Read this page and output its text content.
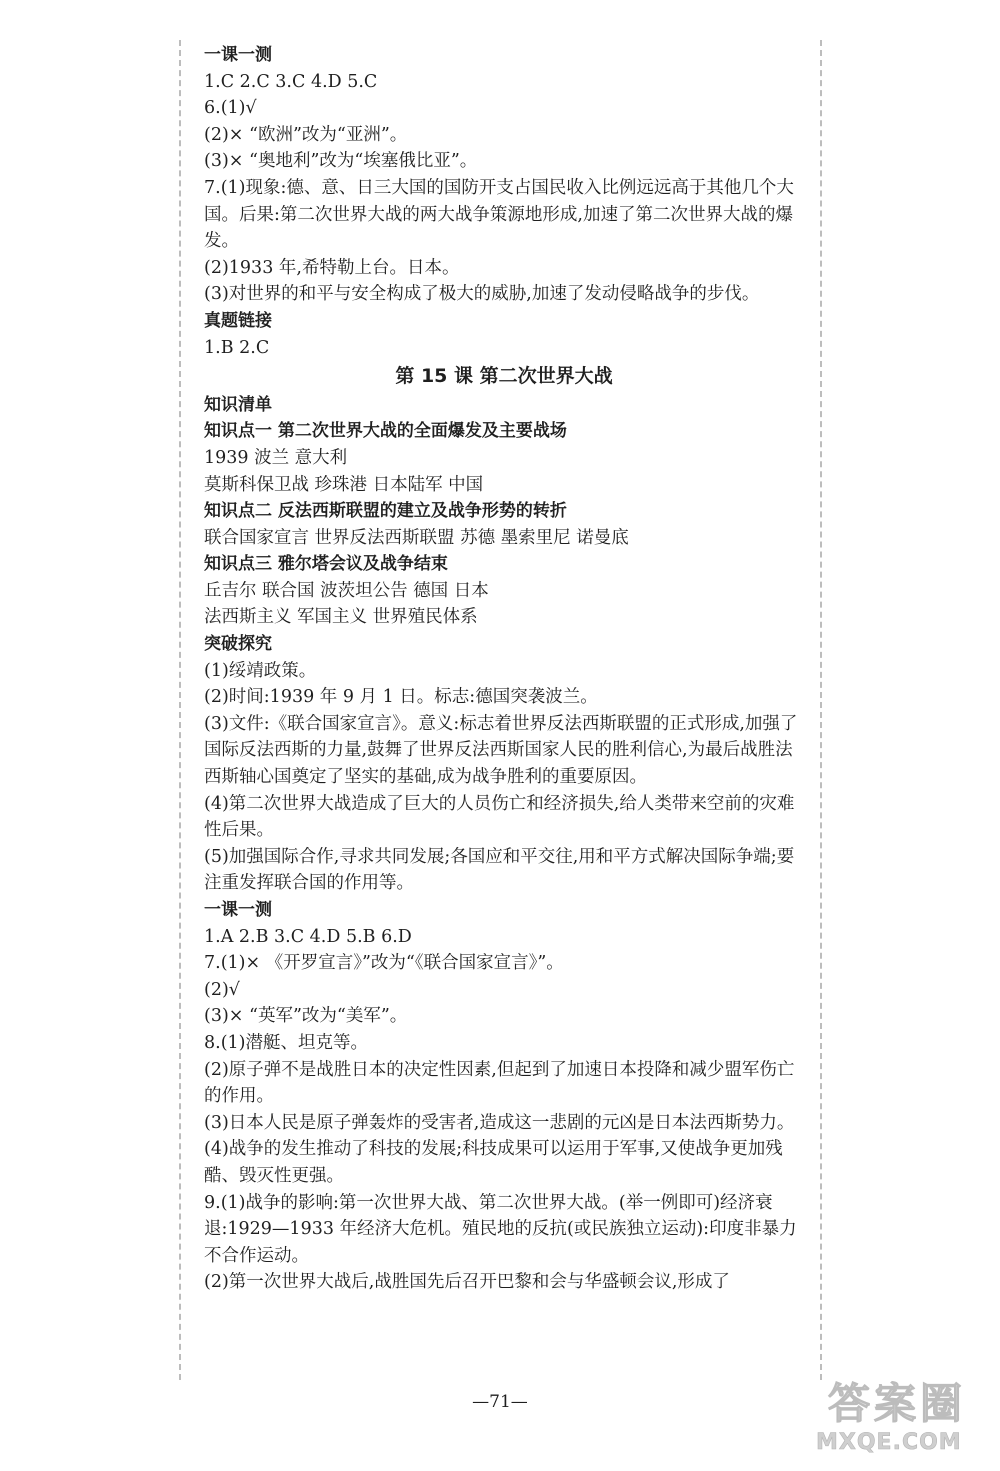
一课一测

1.C 2.C 3.C 4.D 5.C

6.(1)√

(2)× “欧洲”改为“亚洲”。

(3)× “奥地利”改为“埃塞俄比亚”。

7.(1)现象:德、意、日三大国的国防开支占国民收入比例远远高于其他几个大国。后果:第二次世界大战的两大战争策源地形成,加速了第二次世界大战的爆发。

(2)1933 年,希特勒上台。日本。

(3)对世界的和平与安全构成了极大的威胁,加速了发动侵略战争的步伐。

真题链接

1.B 2.C

第 15 课 第二次世界大战

知识清单

知识点一 第二次世界大战的全面爆发及主要战场

1939 波兰 意大利

莫斯科保卫战 珍珠港 日本陆军 中国

知识点二 反法西斯联盟的建立及战争形势的转折

联合国家宣言 世界反法西斯联盟 苏德 墨索里尼 诺曼底

知识点三 雅尔塔会议及战争结束

丘吉尔 联合国 波茨坦公告 德国 日本

法西斯主义 军国主义 世界殖民体系

突破探究

(1)绥靖政策。

(2)时间:1939 年 9 月 1 日。标志:德国突袭波兰。

(3)文件:《联合国家宣言》。意义:标志着世界反法西斯联盟的正式形成,加强了国际反法西斯的力量,鼓舞了世界反法西斯国家人民的胜利信心,为最后战胜法西斯轴心国奠定了坚实的基础,成为战争胜利的重要原因。

(4)第二次世界大战造成了巨大的人员伤亡和经济损失,给人类带来空前的灾难性后果。

(5)加强国际合作,寻求共同发展;各国应和平交往,用和平方式解决国际争端;要注重发挥联合国的作用等。

一课一测

1.A 2.B 3.C 4.D 5.B 6.D

7.(1)× 《开罗宣言》”改为“《联合国家宣言》”。

(2)√

(3)× “英军”改为“美军”。

8.(1)潜艇、坦克等。

(2)原子弹不是战胜日本的决定性因素,但起到了加速日本投降和减少盟军伤亡的作用。

(3)日本人民是原子弹轰炸的受害者,造成这一悲剧的元凶是日本法西斯势力。

(4)战争的发生推动了科技的发展;科技成果可以运用于军事,又使战争更加残酷、毁灭性更强。

9.(1)战争的影响:第一次世界大战、第二次世界大战。(举一例即可)经济衰退:1929—1933 年经济大危机。殖民地的反抗(或民族独立运动):印度非暴力不合作运动。

(2)第一次世界大战后,战胜国先后召开巴黎和会与华盛顿会议,形成了

—71—	答案圈
MXQE.COM
